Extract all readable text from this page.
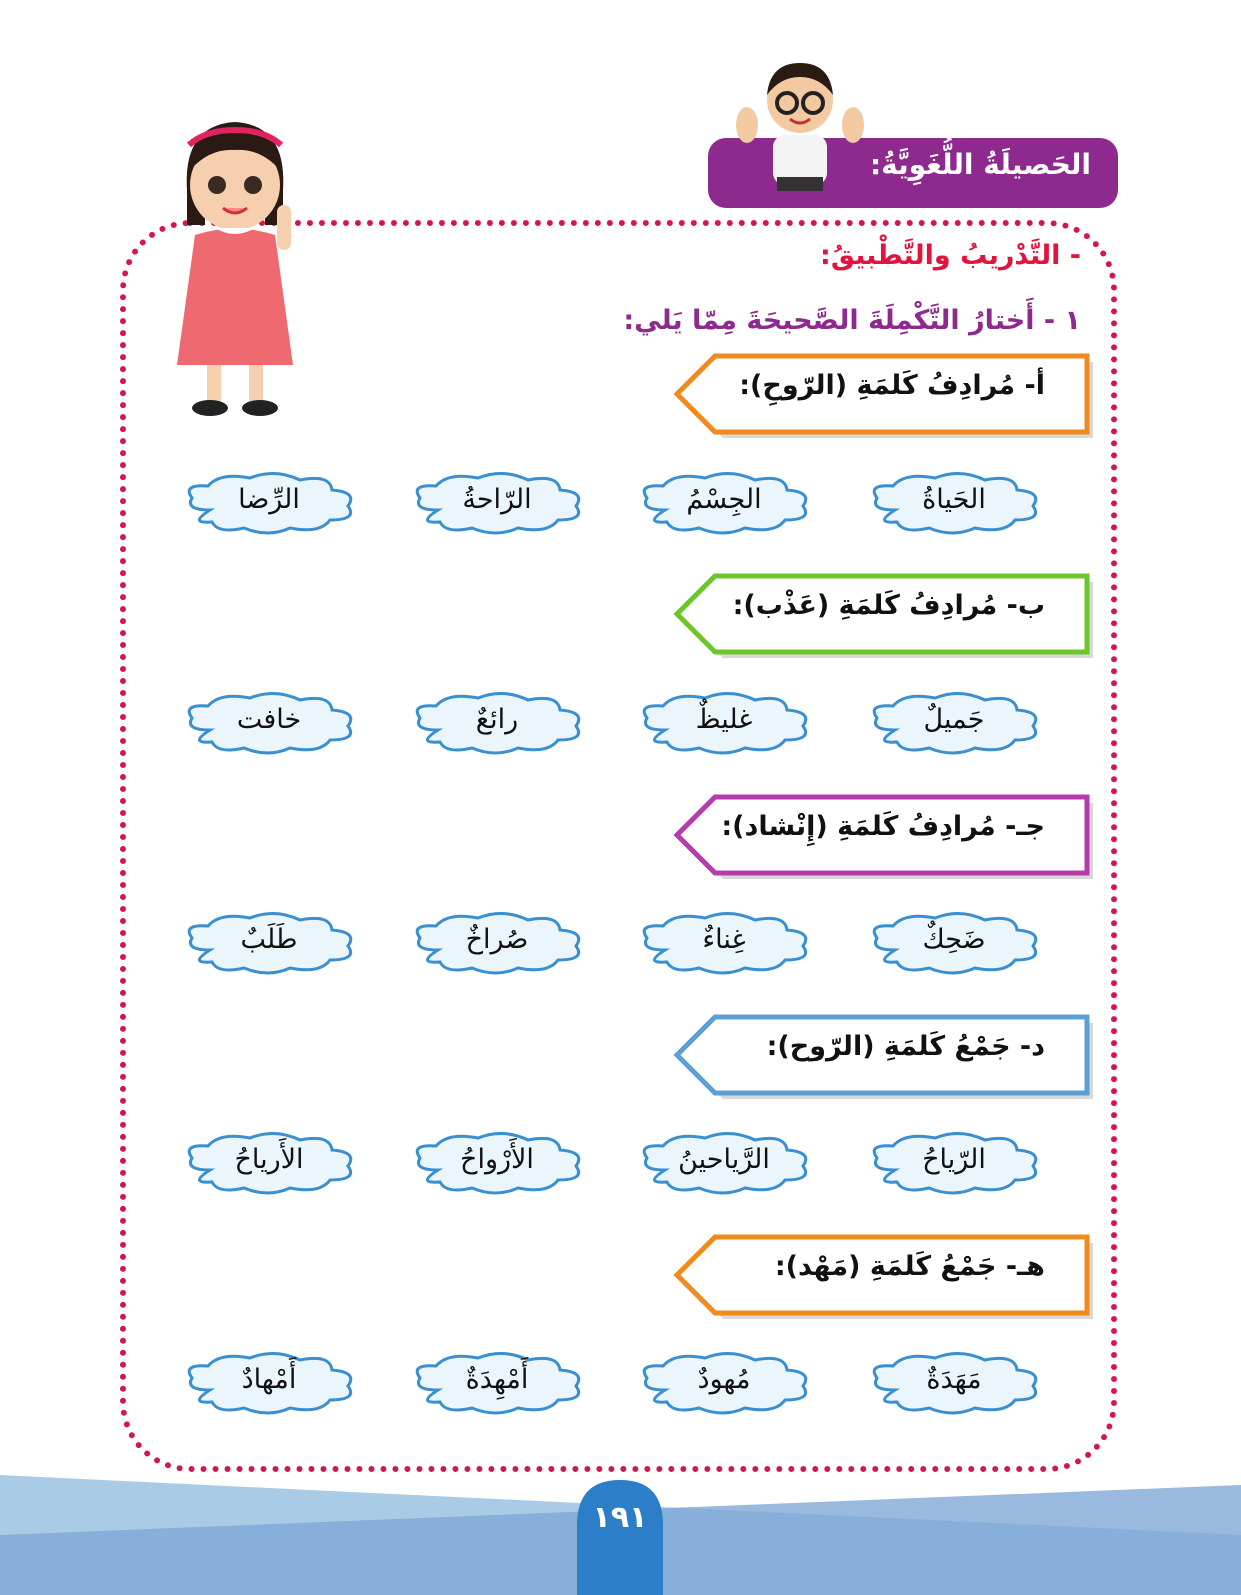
الحَصيلَةُ اللُّغَوِيَّةُ:
- التَّدْريبُ والتَّطْبيقُ:
١ - أَختارُ التَّكْمِلَةَ الصَّحيحَةَ مِمّا يَلي:
أ- مُرادِفُ كَلمَةِ (الرّوحِ):
الحَياةُ
الجِسْمُ
الرّاحةُ
الرِّضا
ب- مُرادِفُ كَلمَةِ (عَذْب):
جَميلٌ
غليظٌ
رائعٌ
خافت
جـ- مُرادِفُ كَلمَةِ (إِنْشاد):
ضَحِكٌ
غِناءٌ
صُراخٌ
طَلَبٌ
د- جَمْعُ كَلمَةِ (الرّوح):
الرّياحُ
الرَّياحينُ
الأَرْواحُ
الأَرياحُ
هـ- جَمْعُ كَلمَةِ (مَهْد):
مَهَدَةٌ
مُهودٌ
أَمْهِدَةٌ
أَمْهادٌ
١٩١
